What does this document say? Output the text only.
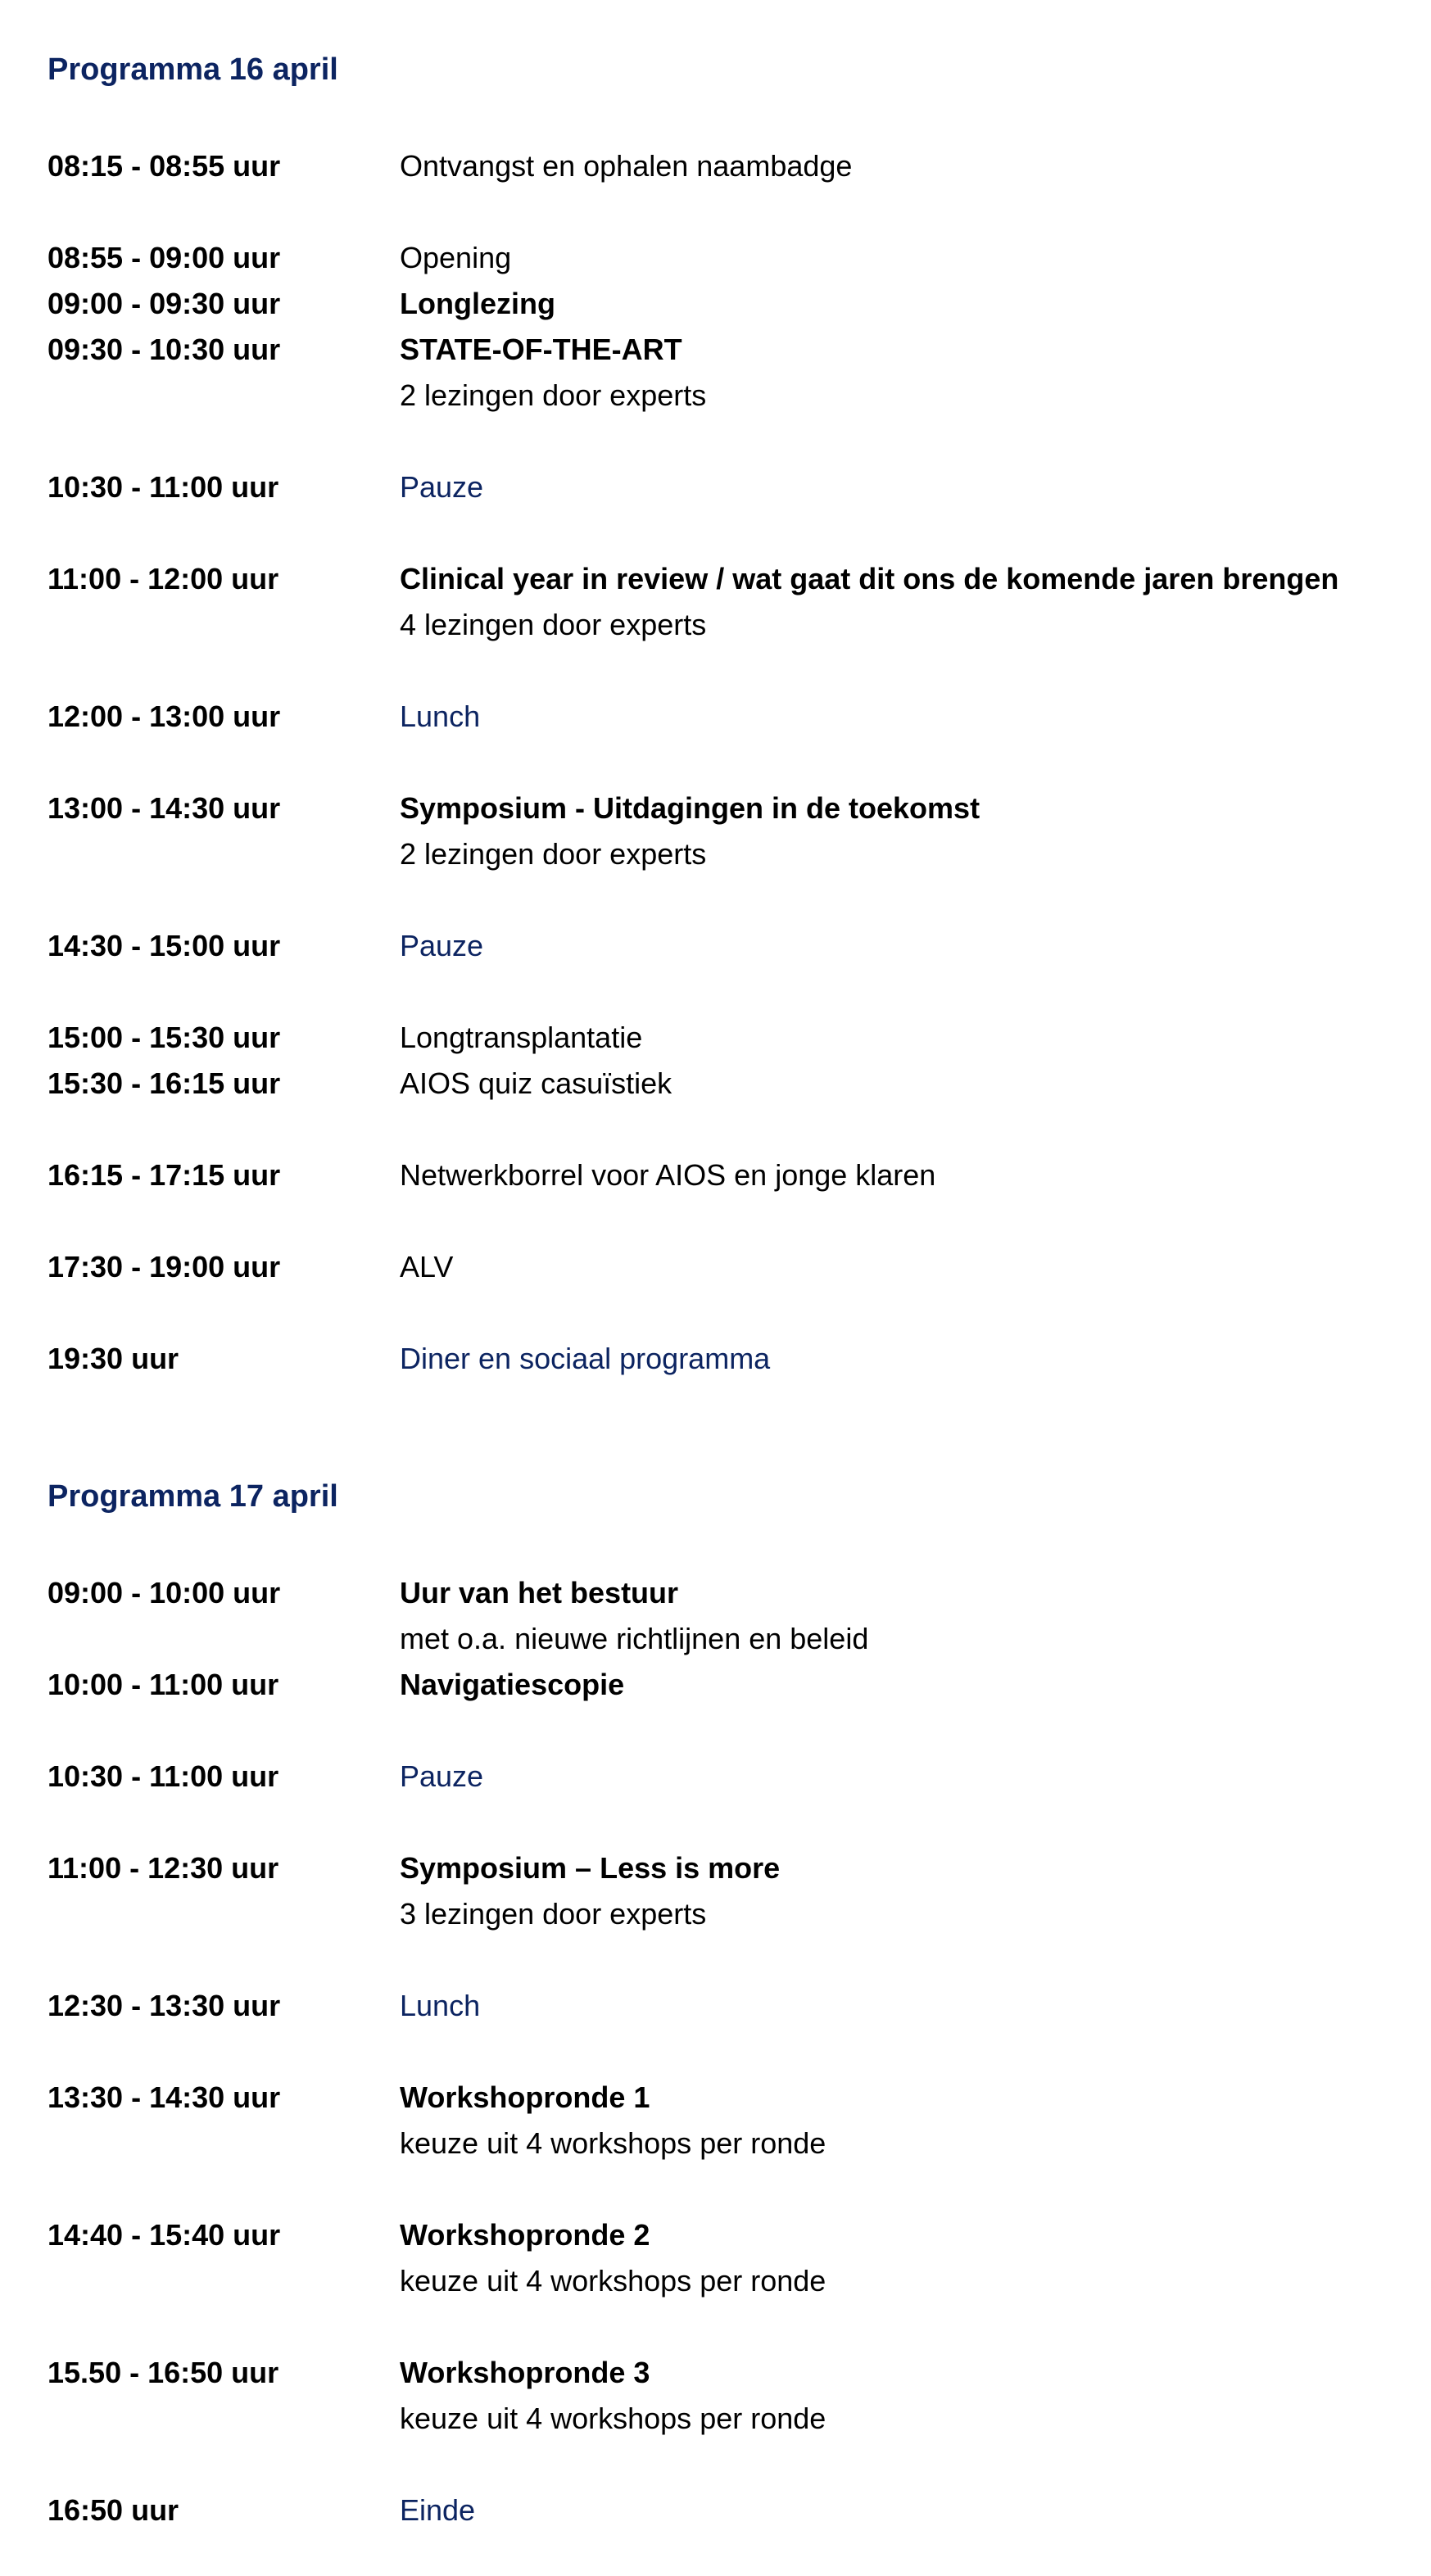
Programma 16 april
08:15 - 08:55 uur	Ontvangst en ophalen naambadge
08:55 - 09:00 uur	Opening
09:00 - 09:30 uur	Longlezing
09:30 - 10:30 uur	STATE-OF-THE-ART
2 lezingen door experts
10:30 - 11:00 uur	Pauze
11:00 - 12:00 uur	Clinical year in review / wat gaat dit ons de komende jaren brengen
4 lezingen door experts
12:00 - 13:00 uur	Lunch
13:00 - 14:30 uur	Symposium - Uitdagingen in de toekomst
2 lezingen door experts
14:30 - 15:00 uur	Pauze
15:00 - 15:30 uur	Longtransplantatie
15:30 - 16:15 uur	AIOS quiz casuïstiek
16:15 - 17:15 uur	Netwerkborrel voor AIOS en jonge klaren
17:30 - 19:00 uur	ALV
19:30 uur	Diner en sociaal programma
Programma 17 april
09:00 - 10:00 uur	Uur van het bestuur
met o.a. nieuwe richtlijnen en beleid
10:00 - 11:00 uur	Navigatiescopie
10:30 - 11:00 uur	Pauze
11:00 - 12:30 uur	Symposium – Less is more
3 lezingen door experts
12:30 - 13:30 uur	Lunch
13:30 - 14:30 uur	Workshopronde 1
keuze uit 4 workshops per ronde
14:40 - 15:40 uur	Workshopronde 2
keuze uit 4 workshops per ronde
15.50 - 16:50 uur	Workshopronde 3
keuze uit 4 workshops per ronde
16:50 uur	Einde
